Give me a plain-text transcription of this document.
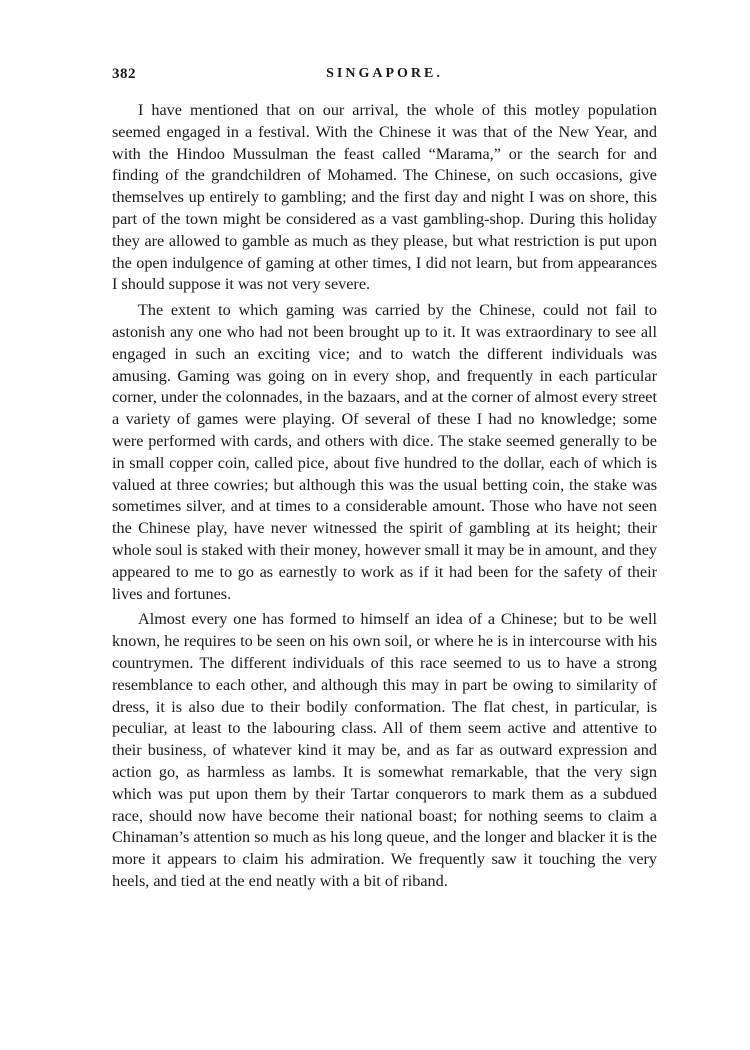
382	SINGAPORE.

I have mentioned that on our arrival, the whole of this motley population seemed engaged in a festival. With the Chinese it was that of the New Year, and with the Hindoo Mussulman the feast called “Marama,” or the search for and finding of the grandchildren of Mohamed. The Chinese, on such occasions, give themselves up entirely to gambling; and the first day and night I was on shore, this part of the town might be considered as a vast gambling-shop. During this holiday they are allowed to gamble as much as they please, but what restriction is put upon the open indulgence of gaming at other times, I did not learn, but from appearances I should suppose it was not very severe.

The extent to which gaming was carried by the Chinese, could not fail to astonish any one who had not been brought up to it. It was extraordinary to see all engaged in such an exciting vice; and to watch the different individuals was amusing. Gaming was going on in every shop, and frequently in each particular corner, under the colonnades, in the bazaars, and at the corner of almost every street a variety of games were playing. Of several of these I had no knowledge; some were performed with cards, and others with dice. The stake seemed generally to be in small copper coin, called pice, about five hundred to the dollar, each of which is valued at three cowries; but although this was the usual betting coin, the stake was sometimes silver, and at times to a considerable amount. Those who have not seen the Chinese play, have never witnessed the spirit of gambling at its height; their whole soul is staked with their money, however small it may be in amount, and they appeared to me to go as earnestly to work as if it had been for the safety of their lives and fortunes.

Almost every one has formed to himself an idea of a Chinese; but to be well known, he requires to be seen on his own soil, or where he is in intercourse with his countrymen. The different individuals of this race seemed to us to have a strong resemblance to each other, and although this may in part be owing to similarity of dress, it is also due to their bodily conformation. The flat chest, in particular, is peculiar, at least to the labouring class. All of them seem active and attentive to their business, of whatever kind it may be, and as far as outward expression and action go, as harmless as lambs. It is somewhat remarkable, that the very sign which was put upon them by their Tartar conquerors to mark them as a subdued race, should now have become their national boast; for nothing seems to claim a Chinaman’s attention so much as his long queue, and the longer and blacker it is the more it appears to claim his admiration. We frequently saw it touching the very heels, and tied at the end neatly with a bit of riband.
